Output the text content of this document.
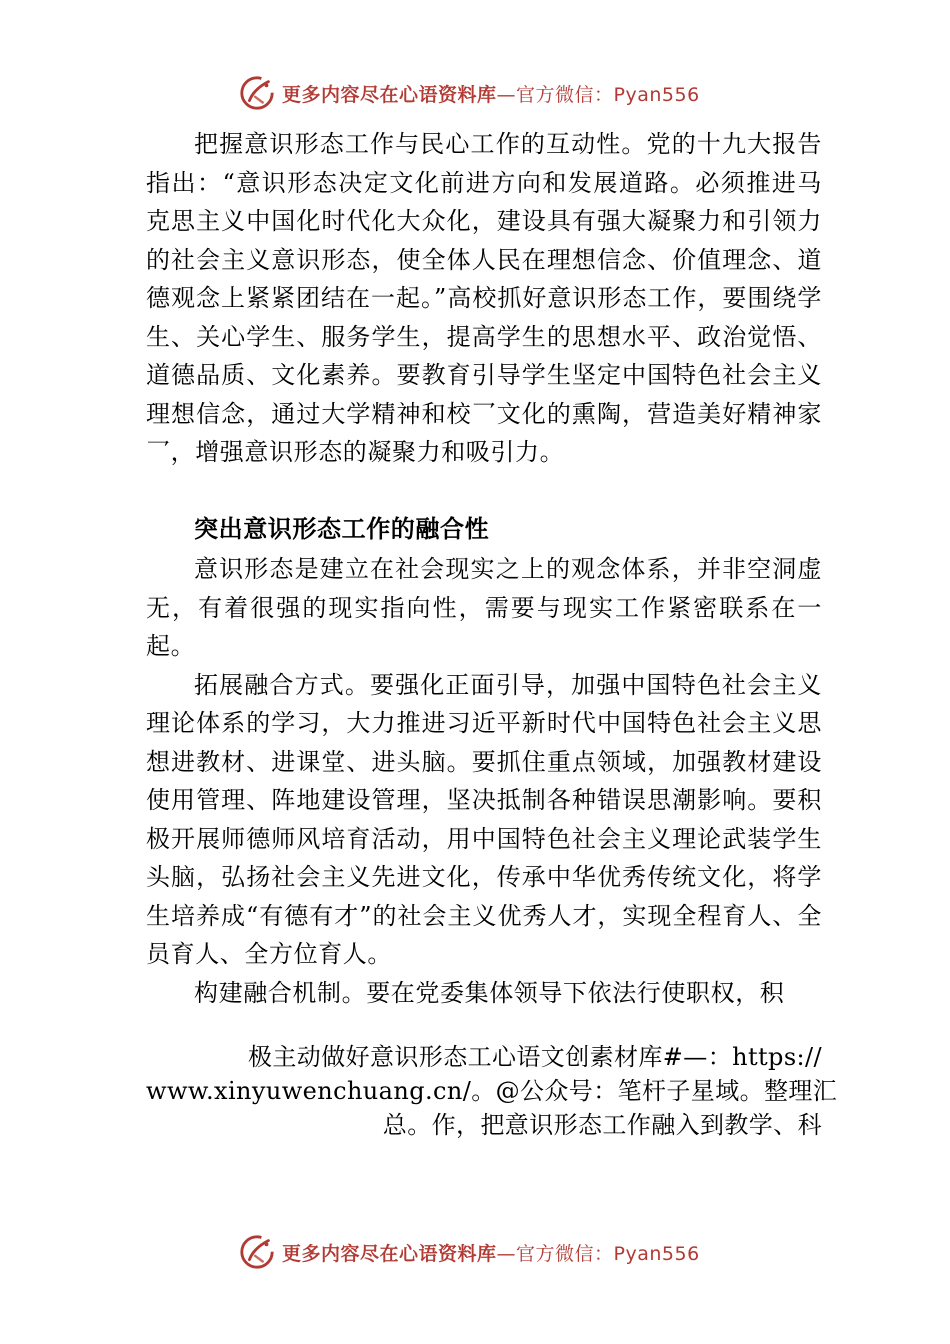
更多内容尽在心语资料库—官方微信：Pyan556

把握意识形态工作与民心工作的互动性。党的十九大报告指出：“意识形态决定文化前进方向和发展道路。必须推进马克思主义中国化时代化大众化，建设具有强大凝聚力和引领力的社会主义意识形态，使全体人民在理想信念、价值理念、道德观念上紧紧团结在一起。”高校抓好意识形态工作，要围绕学生、关心学生、服务学生，提高学生的思想水平、政治觉悟、道德品质、文化素养。要教育引导学生坚定中国特色社会主义理想信念，通过大学精神和校⺂文化的熏陶，营造美好精神家⺂，增强意识形态的凝聚力和吸引力。

突出意识形态工作的融合性

意识形态是建立在社会现实之上的观念体系，并非空洞虚无，有着很强的现实指向性，需要与现实工作紧密联系在一起。

拓展融合方式。要强化正面引导，加强中国特色社会主义理论体系的学习，大力推进习近平新时代中国特色社会主义思想进教材、进课堂、进头脑。要抓住重点领域，加强教材建设使用管理、阵地建设管理，坚决抵制各种错误思潮影响。要积极开展师德师风培育活动，用中国特色社会主义理论武装学生头脑，弘扬社会主义先进文化，传承中华优秀传统文化，将学生培养成“有德有才”的社会主义优秀人才，实现全程育人、全员育人、全方位育人。

构建融合机制。要在党委集体领导下依法行使职权，积

极主动做好意识形态工心语文创素材库#—：https://
www.xinyuwenchuang.cn/。@公众号：笔杆子星域。整理汇
总。作，把意识形态工作融入到教学、科
更多内容尽在心语资料库—官方微信：Pyan556
